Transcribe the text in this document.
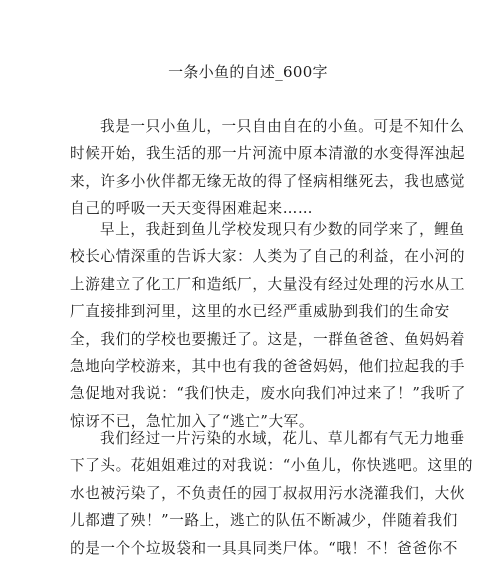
一条小鱼的自述_600字
我是一只小鱼儿，一只自由自在的小鱼。可是不知什么
时候开始，我生活的那一片河流中原本清澈的水变得浑浊起
来，许多小伙伴都无缘无故的得了怪病相继死去，我也感觉
自己的呼吸一天天变得困难起来……
早上，我赶到鱼儿学校发现只有少数的同学来了，鲤鱼
校长心情深重的告诉大家：人类为了自己的利益，在小河的
上游建立了化工厂和造纸厂，大量没有经过处理的污水从工
厂直接排到河里，这里的水已经严重威胁到我们的生命安
全，我们的学校也要搬迁了。这是，一群鱼爸爸、鱼妈妈着
急地向学校游来，其中也有我的爸爸妈妈，他们拉起我的手
急促地对我说：“我们快走，废水向我们冲过来了！”我听了
惊讶不已，急忙加入了“逃亡”大军。
我们经过一片污染的水域，花儿、草儿都有气无力地垂
下了头。花姐姐难过的对我说：“小鱼儿，你快逃吧。这里的
水也被污染了，不负责任的园丁叔叔用污水浇灌我们，大伙
儿都遭了殃！”一路上，逃亡的队伍不断减少，伴随着我们
的是一个个垃圾袋和一具具同类尸体。“哦！不！爸爸你不
